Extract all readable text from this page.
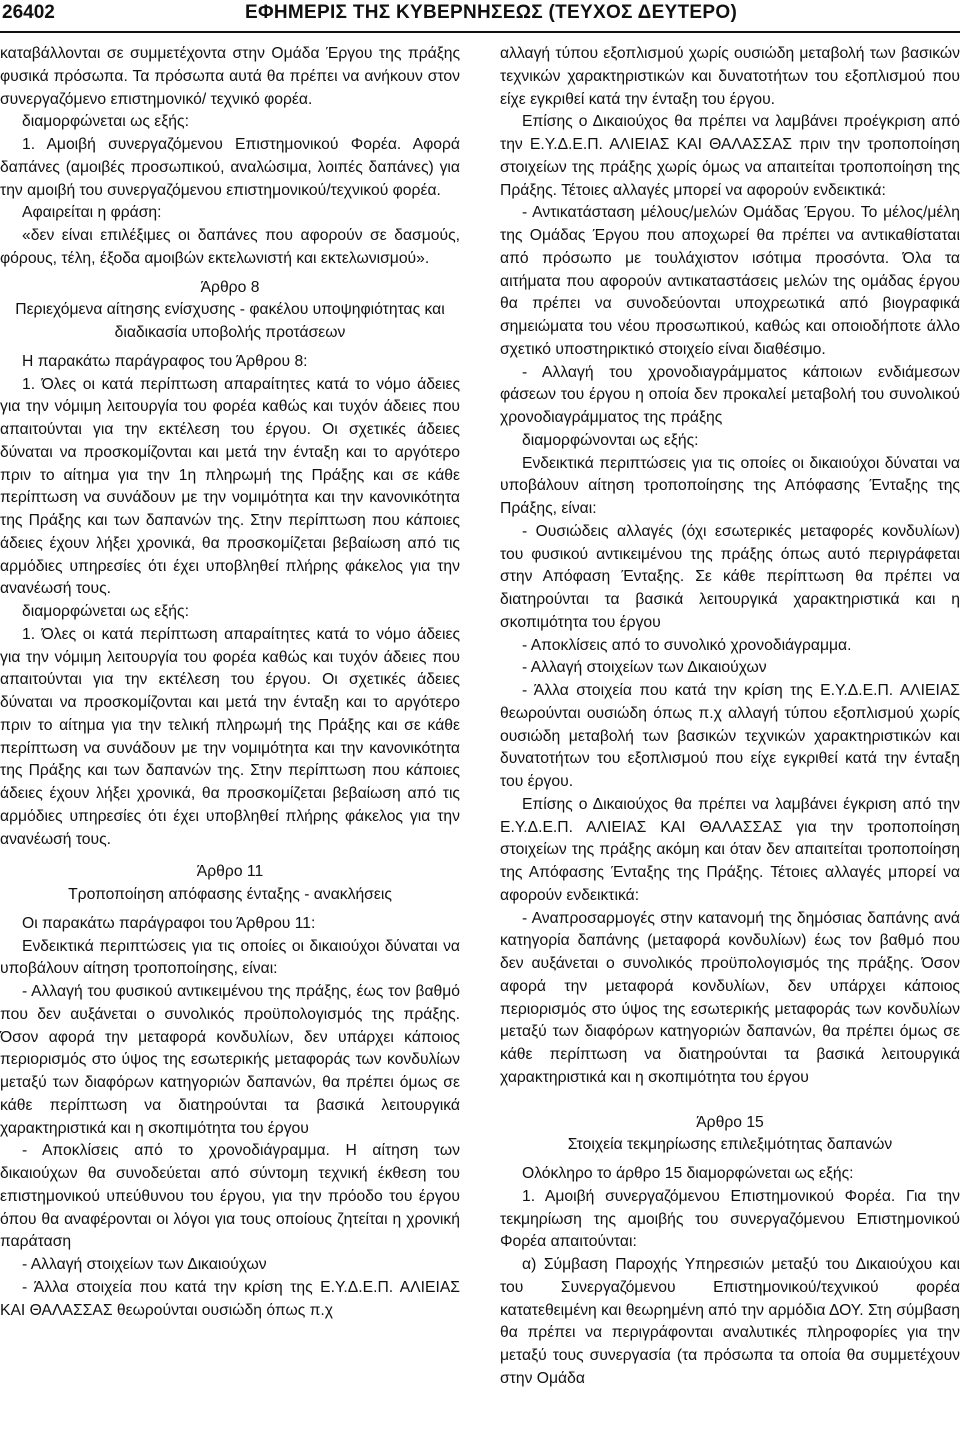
26402	ΕΦΗΜΕΡΙΣ ΤΗΣ ΚΥΒΕΡΝΗΣΕΩΣ (ΤΕΥΧΟΣ ΔΕΥΤΕΡΟ)

καταβάλλονται σε συμμετέχοντα στην Ομάδα Έργου της πράξης φυσικά πρόσωπα. Τα πρόσωπα αυτά θα πρέπει να ανήκουν στον συνεργαζόμενο επιστημονικό/ τεχνικό φορέα.

διαμορφώνεται ως εξής:

1. Αμοιβή συνεργαζόμενου Επιστημονικού Φορέα. Αφορά δαπάνες (αμοιβές προσωπικού, αναλώσιμα, λοιπές δαπάνες) για την αμοιβή του συνεργαζόμενου επιστημονικού/τεχνικού φορέα.

Αφαιρείται η φράση:

«δεν είναι επιλέξιμες οι δαπάνες που αφορούν σε δασμούς, φόρους, τέλη, έξοδα αμοιβών εκτελωνιστή και εκτελωνισμού».

Άρθρο 8

Περιεχόμενα αίτησης ενίσχυσης - φακέλου υποψηφιότητας και διαδικασία υποβολής προτάσεων

Η παρακάτω παράγραφος του Άρθρου 8:

1. Όλες οι κατά περίπτωση απαραίτητες κατά το νόμο άδειες για την νόμιμη λειτουργία του φορέα καθώς και τυχόν άδειες που απαιτούνται για την εκτέλεση του έργου. Οι σχετικές άδειες δύναται να προσκομίζονται και μετά την ένταξη και το αργότερο πριν το αίτημα για την 1η πληρωμή της Πράξης και σε κάθε περίπτωση να συνάδουν με την νομιμότητα και την κανονικότητα της Πράξης και των δαπανών της. Στην περίπτωση που κάποιες άδειες έχουν λήξει χρονικά, θα προσκομίζεται βεβαίωση από τις αρμόδιες υπηρεσίες ότι έχει υποβληθεί πλήρης φάκελος για την ανανέωσή τους.

διαμορφώνεται ως εξής:

1. Όλες οι κατά περίπτωση απαραίτητες κατά το νόμο άδειες για την νόμιμη λειτουργία του φορέα καθώς και τυχόν άδειες που απαιτούνται για την εκτέλεση του έργου. Οι σχετικές άδειες δύναται να προσκομίζονται και μετά την ένταξη και το αργότερο πριν το αίτημα για την τελική πληρωμή της Πράξης και σε κάθε περίπτωση να συνάδουν με την νομιμότητα και την κανονικότητα της Πράξης και των δαπανών της. Στην περίπτωση που κάποιες άδειες έχουν λήξει χρονικά, θα προσκομίζεται βεβαίωση από τις αρμόδιες υπηρεσίες ότι έχει υποβληθεί πλήρης φάκελος για την ανανέωσή τους.

Άρθρο 11

Τροποποίηση απόφασης ένταξης - ανακλήσεις

Οι παρακάτω παράγραφοι του Άρθρου 11:

Ενδεικτικά περιπτώσεις για τις οποίες οι δικαιούχοι δύναται να υποβάλουν αίτηση τροποποίησης, είναι:

- Αλλαγή του φυσικού αντικειμένου της πράξης, έως τον βαθμό που δεν αυξάνεται ο συνολικός προϋπολογισμός της πράξης. Όσον αφορά την μεταφορά κονδυλίων, δεν υπάρχει κάποιος περιορισμός στο ύψος της εσωτερικής μεταφοράς των κονδυλίων μεταξύ των διαφόρων κατηγοριών δαπανών, θα πρέπει όμως σε κάθε περίπτωση να διατηρούνται τα βασικά λειτουργικά χαρακτηριστικά και η σκοπιμότητα του έργου

- Αποκλίσεις από το χρονοδιάγραμμα. Η αίτηση των δικαιούχων θα συνοδεύεται από σύντομη τεχνική έκθεση του επιστημονικού υπεύθυνου του έργου, για την πρόοδο του έργου όπου θα αναφέρονται οι λόγοι για τους οποίους ζητείται η χρονική παράταση

- Αλλαγή στοιχείων των Δικαιούχων

- Άλλα στοιχεία που κατά την κρίση της Ε.Υ.Δ.Ε.Π. ΑΛΙΕΙΑΣ ΚΑΙ ΘΑΛΑΣΣΑΣ θεωρούνται ουσιώδη όπως π.χ

αλλαγή τύπου εξοπλισμού χωρίς ουσιώδη μεταβολή των βασικών τεχνικών χαρακτηριστικών και δυνατοτήτων του εξοπλισμού που είχε εγκριθεί κατά την ένταξη του έργου.

Επίσης ο Δικαιούχος θα πρέπει να λαμβάνει προέγκριση από την Ε.Υ.Δ.Ε.Π. ΑΛΙΕΙΑΣ ΚΑΙ ΘΑΛΑΣΣΑΣ πριν την τροποποίηση στοιχείων της πράξης χωρίς όμως να απαιτείται τροποποίηση της Πράξης. Τέτοιες αλλαγές μπορεί να αφορούν ενδεικτικά:

- Αντικατάσταση μέλους/μελών Ομάδας Έργου. Το μέλος/μέλη της Ομάδας Έργου που αποχωρεί θα πρέπει να αντικαθίσταται από πρόσωπο με τουλάχιστον ισότιμα προσόντα. Όλα τα αιτήματα που αφορούν αντικαταστάσεις μελών της ομάδας έργου θα πρέπει να συνοδεύονται υποχρεωτικά από βιογραφικά σημειώματα του νέου προσωπικού, καθώς και οποιοδήποτε άλλο σχετικό υποστηρικτικό στοιχείο είναι διαθέσιμο.

- Αλλαγή του χρονοδιαγράμματος κάποιων ενδιάμεσων φάσεων του έργου η οποία δεν προκαλεί μεταβολή του συνολικού χρονοδιαγράμματος της πράξης

διαμορφώνονται ως εξής:

Ενδεικτικά περιπτώσεις για τις οποίες οι δικαιούχοι δύναται να υποβάλουν αίτηση τροποποίησης της Απόφασης Ένταξης της Πράξης, είναι:

- Ουσιώδεις αλλαγές (όχι εσωτερικές μεταφορές κονδυλίων) του φυσικού αντικειμένου της πράξης όπως αυτό περιγράφεται στην Απόφαση Ένταξης. Σε κάθε περίπτωση θα πρέπει να διατηρούνται τα βασικά λειτουργικά χαρακτηριστικά και η σκοπιμότητα του έργου

- Αποκλίσεις από το συνολικό χρονοδιάγραμμα.

- Αλλαγή στοιχείων των Δικαιούχων

- Άλλα στοιχεία που κατά την κρίση της Ε.Υ.Δ.Ε.Π. ΑΛΙΕΙΑΣ θεωρούνται ουσιώδη όπως π.χ αλλαγή τύπου εξοπλισμού χωρίς ουσιώδη μεταβολή των βασικών τεχνικών χαρακτηριστικών και δυνατοτήτων του εξοπλισμού που είχε εγκριθεί κατά την ένταξη του έργου.

Επίσης ο Δικαιούχος θα πρέπει να λαμβάνει έγκριση από την Ε.Υ.Δ.Ε.Π. ΑΛΙΕΙΑΣ ΚΑΙ ΘΑΛΑΣΣΑΣ για την τροποποίηση στοιχείων της πράξης ακόμη και όταν δεν απαιτείται τροποποίηση της Απόφασης Ένταξης της Πράξης. Τέτοιες αλλαγές μπορεί να αφορούν ενδεικτικά:

- Αναπροσαρμογές στην κατανομή της δημόσιας δαπάνης ανά κατηγορία δαπάνης (μεταφορά κονδυλίων) έως τον βαθμό που δεν αυξάνεται ο συνολικός προϋπολογισμός της πράξης. Όσον αφορά την μεταφορά κονδυλίων, δεν υπάρχει κάποιος περιορισμός στο ύψος της εσωτερικής μεταφοράς των κονδυλίων μεταξύ των διαφόρων κατηγοριών δαπανών, θα πρέπει όμως σε κάθε περίπτωση να διατηρούνται τα βασικά λειτουργικά χαρακτηριστικά και η σκοπιμότητα του έργου

Άρθρο 15

Στοιχεία τεκμηρίωσης επιλεξιμότητας δαπανών

Ολόκληρο το άρθρο 15 διαμορφώνεται ως εξής:

1. Αμοιβή συνεργαζόμενου Επιστημονικού Φορέα. Για την τεκμηρίωση της αμοιβής του συνεργαζόμενου Επιστημονικού Φορέα απαιτούνται:

α) Σύμβαση Παροχής Υπηρεσιών μεταξύ του Δικαιούχου και του Συνεργαζόμενου Επιστημονικού/τεχνικού φορέα κατατεθειμένη και θεωρημένη από την αρμόδια ΔΟΥ. Στη σύμβαση θα πρέπει να περιγράφονται αναλυτικές πληροφορίες για την μεταξύ τους συνεργασία (τα πρόσωπα τα οποία θα συμμετέχουν στην Ομάδα
